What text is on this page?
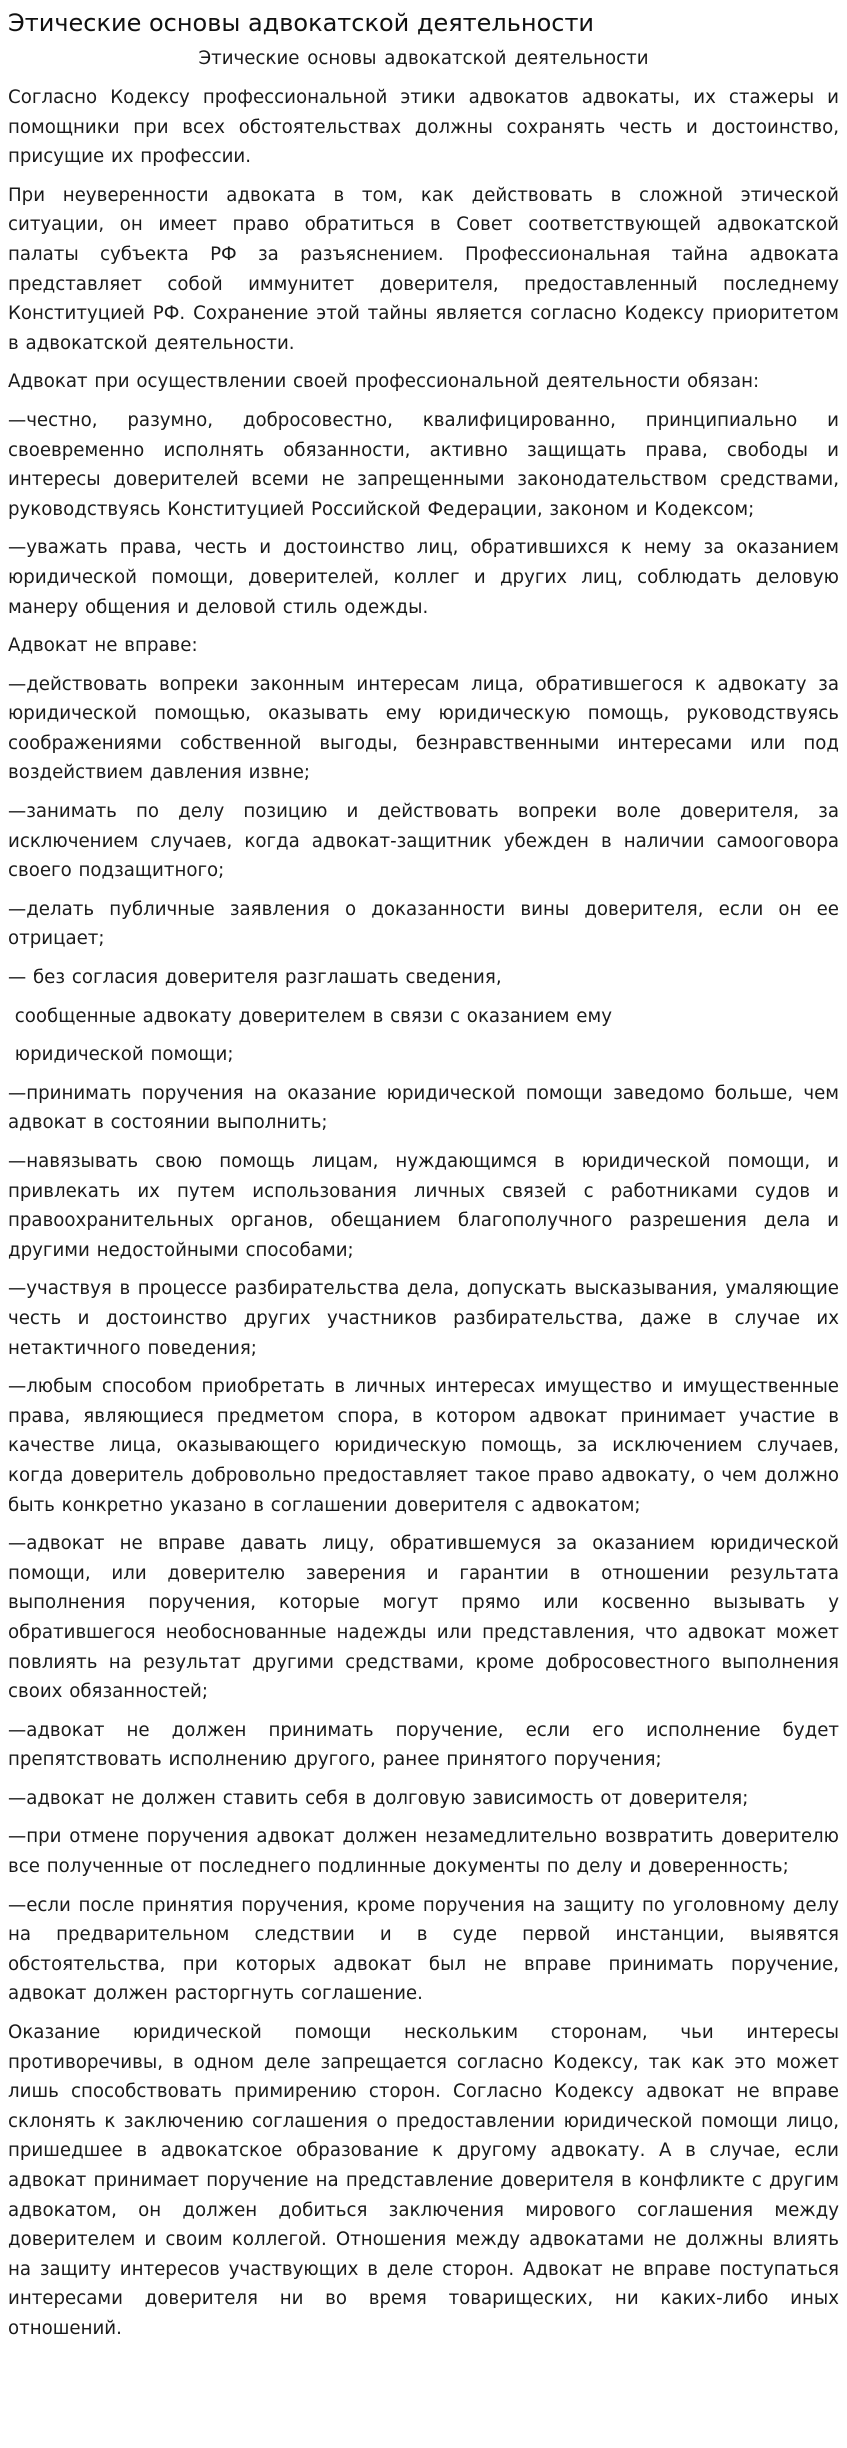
Этические основы адвокатской деятельности
Этические основы адвокатской деятельности

Согласно Кодексу профессиональной этики адвокатов адвокаты, их стажеры и помощники при всех обстоятельствах должны сохранять честь и достоинство, присущие их профессии.

При неуверенности адвоката в том, как действовать в сложной этической ситуации, он имеет право обратиться в Совет соответствующей адвокатской палаты субъекта РФ за разъяснением. Профессиональная тайна адвоката представляет собой иммунитет доверителя, предоставленный последнему Конституцией РФ. Сохранение этой тайны является согласно Кодексу приоритетом в адвокатской деятельности.

Адвокат при осуществлении своей профессиональной деятельности обязан:

—честно, разумно, добросовестно, квалифицированно, принципиально и своевременно исполнять обязанности, активно защищать права, свободы и интересы доверителей всеми не запрещенными законодательством средствами, руководствуясь Конституцией Российской Федерации, законом и Кодексом;

—уважать права, честь и достоинство лиц, обратившихся к нему за оказанием юридической помощи, доверителей, коллег и других лиц, соблюдать деловую манеру общения и деловой стиль одежды.

Адвокат не вправе:

—действовать вопреки законным интересам лица, обратившегося к адвокату за юридической помощью, оказывать ему юридическую помощь, руководствуясь соображениями собственной выгоды, безнравственными интересами или под воздействием давления извне;

—занимать по делу позицию и действовать вопреки воле доверителя, за исключением случаев, когда адвокат-защитник убежден в наличии самооговора своего подзащитного;

—делать публичные заявления о доказанности вины доверителя, если он ее отрицает;

— без согласия доверителя разглашать сведения,

сообщенные адвокату доверителем в связи с оказанием ему

юридической помощи;

—принимать поручения на оказание юридической помощи заведомо больше, чем адвокат в состоянии выполнить;

—навязывать свою помощь лицам, нуждающимся в юридической помощи, и привлекать их путем использования личных связей с работниками судов и правоохранительных органов, обещанием благополучного разрешения дела и другими недостойными способами;

—участвуя в процессе разбирательства дела, допускать высказывания, умаляющие честь и достоинство других участников разбирательства, даже в случае их нетактичного поведения;

—любым способом приобретать в личных интересах имущество и имущественные права, являющиеся предметом спора, в котором адвокат принимает участие в качестве лица, оказывающего юридическую помощь, за исключением случаев, когда доверитель добровольно предоставляет такое право адвокату, о чем должно быть конкретно указано в соглашении доверителя с адвокатом;

—адвокат не вправе давать лицу, обратившемуся за оказанием юридической помощи, или доверителю заверения и гарантии в отношении результата выполнения поручения, которые могут прямо или косвенно вызывать у обратившегося необоснованные надежды или представления, что адвокат может повлиять на результат другими средствами, кроме добросовестного выполнения своих обязанностей;

—адвокат не должен принимать поручение, если его исполнение будет препятствовать исполнению другого, ранее принятого поручения;

—адвокат не должен ставить себя в долговую зависимость от доверителя;

—при отмене поручения адвокат должен незамедлительно возвратить доверителю все полученные от последнего подлинные документы по делу и доверенность;

—если после принятия поручения, кроме поручения на защиту по уголовному делу на предварительном следствии и в суде первой инстанции, выявятся обстоятельства, при которых адвокат был не вправе принимать поручение, адвокат должен расторгнуть соглашение.

Оказание юридической помощи нескольким сторонам, чьи интересы противоречивы, в одном деле запрещается согласно Кодексу, так как это может лишь способствовать примирению сторон. Согласно Кодексу адвокат не вправе склонять к заключению соглашения о предоставлении юридической помощи лицо, пришедшее в адвокатское образование к другому адвокату. А в случае, если адвокат принимает поручение на представление доверителя в конфликте с другим адвокатом, он должен добиться заключения мирового соглашения между доверителем и своим коллегой. Отношения между адвокатами не должны влиять на защиту интересов участвующих в деле сторон. Адвокат не вправе поступаться интересами доверителя ни во время товарищеских, ни каких-либо иных отношений.
